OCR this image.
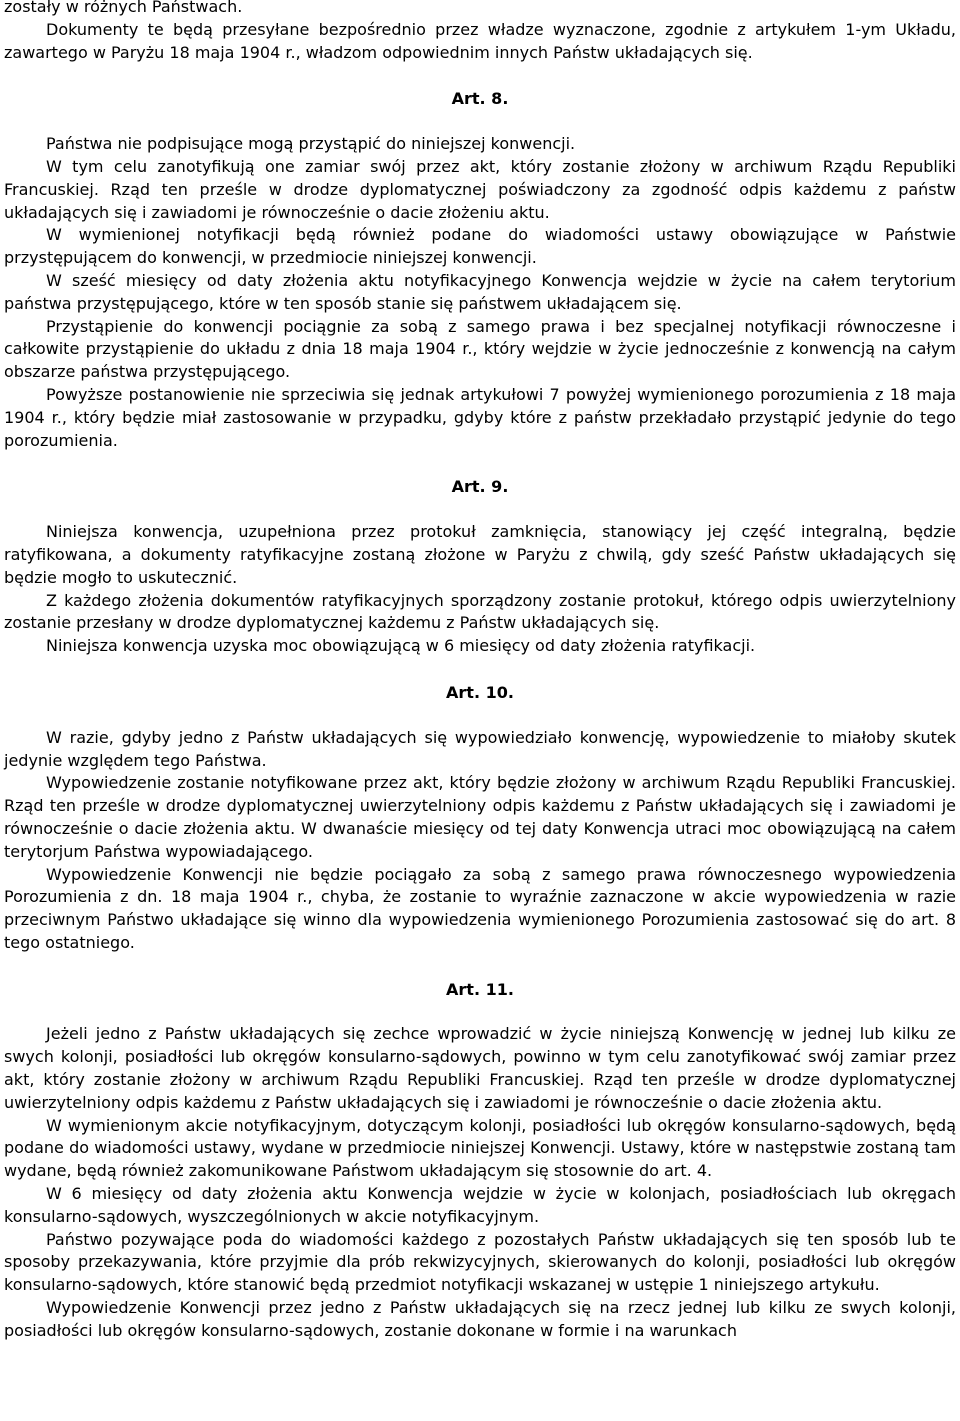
zostały w różnych Państwach.

Dokumenty te będą przesyłane bezpośrednio przez władze wyznaczone, zgodnie z artykułem 1-ym Układu, zawartego w Paryżu 18 maja 1904 r., władzom odpowiednim innych Państw układających się.

Art. 8.

Państwa nie podpisujące mogą przystąpić do niniejszej konwencji.

W tym celu zanotyfikują one zamiar swój przez akt, który zostanie złożony w archiwum Rządu Republiki Francuskiej. Rząd ten prześle w drodze dyplomatycznej poświadczony za zgodność odpis każdemu z państw układających się i zawiadomi je równocześnie o dacie złożeniu aktu.

W wymienionej notyfikacji będą również podane do wiadomości ustawy obowiązujące w Państwie przystępującem do konwencji, w przedmiocie niniejszej konwencji.

W sześć miesięcy od daty złożenia aktu notyfikacyjnego Konwencja wejdzie w życie na całem terytorium państwa przystępującego, które w ten sposób stanie się państwem układającem się.

Przystąpienie do konwencji pociągnie za sobą z samego prawa i bez specjalnej notyfikacji równoczesne i całkowite przystąpienie do układu z dnia 18 maja 1904 r., który wejdzie w życie jednocześnie z konwencją na całym obszarze państwa przystępującego.

Powyższe postanowienie nie sprzeciwia się jednak artykułowi 7 powyżej wymienionego porozumienia z 18 maja 1904 r., który będzie miał zastosowanie w przypadku, gdyby które z państw przekładało przystąpić jedynie do tego porozumienia.

Art. 9.

Niniejsza konwencja, uzupełniona przez protokuł zamknięcia, stanowiący jej część integralną, będzie ratyfikowana, a dokumenty ratyfikacyjne zostaną złożone w Paryżu z chwilą, gdy sześć Państw układających się będzie mogło to uskutecznić.

Z każdego złożenia dokumentów ratyfikacyjnych sporządzony zostanie protokuł, którego odpis uwierzytelniony zostanie przesłany w drodze dyplomatycznej każdemu z Państw układających się.

Niniejsza konwencja uzyska moc obowiązującą w 6 miesięcy od daty złożenia ratyfikacji.

Art. 10.

W razie, gdyby jedno z Państw układających się wypowiedziało konwencję, wypowiedzenie to miałoby skutek jedynie względem tego Państwa.

Wypowiedzenie zostanie notyfikowane przez akt, który będzie złożony w archiwum Rządu Republiki Francuskiej. Rząd ten prześle w drodze dyplomatycznej uwierzytelniony odpis każdemu z Państw układających się i zawiadomi je równocześnie o dacie złożenia aktu. W dwanaście miesięcy od tej daty Konwencja utraci moc obowiązującą na całem terytorjum Państwa wypowiadającego.

Wypowiedzenie Konwencji nie będzie pociągało za sobą z samego prawa równoczesnego wypowiedzenia Porozumienia z dn. 18 maja 1904 r., chyba, że zostanie to wyraźnie zaznaczone w akcie wypowiedzenia w razie przeciwnym Państwo układające się winno dla wypowiedzenia wymienionego Porozumienia zastosować się do art. 8 tego ostatniego.

Art. 11.

Jeżeli jedno z Państw układających się zechce wprowadzić w życie niniejszą Konwencję w jednej lub kilku ze swych kolonji, posiadłości lub okręgów konsularno-sądowych, powinno w tym celu zanotyfikować swój zamiar przez akt, który zostanie złożony w archiwum Rządu Republiki Francuskiej. Rząd ten prześle w drodze dyplomatycznej uwierzytelniony odpis każdemu z Państw układających się i zawiadomi je równocześnie o dacie złożenia aktu.

W wymienionym akcie notyfikacyjnym, dotyczącym kolonji, posiadłości lub okręgów konsularno-sądowych, będą podane do wiadomości ustawy, wydane w przedmiocie niniejszej Konwencji. Ustawy, które w następstwie zostaną tam wydane, będą również zakomunikowane Państwom układającym się stosownie do art. 4.

W 6 miesięcy od daty złożenia aktu Konwencja wejdzie w życie w kolonjach, posiadłościach lub okręgach konsularno-sądowych, wyszczególnionych w akcie notyfikacyjnym.

Państwo pozywające poda do wiadomości każdego z pozostałych Państw układających się ten sposób lub te sposoby przekazywania, które przyjmie dla prób rekwizycyjnych, skierowanych do kolonji, posiadłości lub okręgów konsularno-sądowych, które stanowić będą przedmiot notyfikacji wskazanej w ustępie 1 niniejszego artykułu.

Wypowiedzenie Konwencji przez jedno z Państw układających się na rzecz jednej lub kilku ze swych kolonji, posiadłości lub okręgów konsularno-sądowych, zostanie dokonane w formie i na warunkach
